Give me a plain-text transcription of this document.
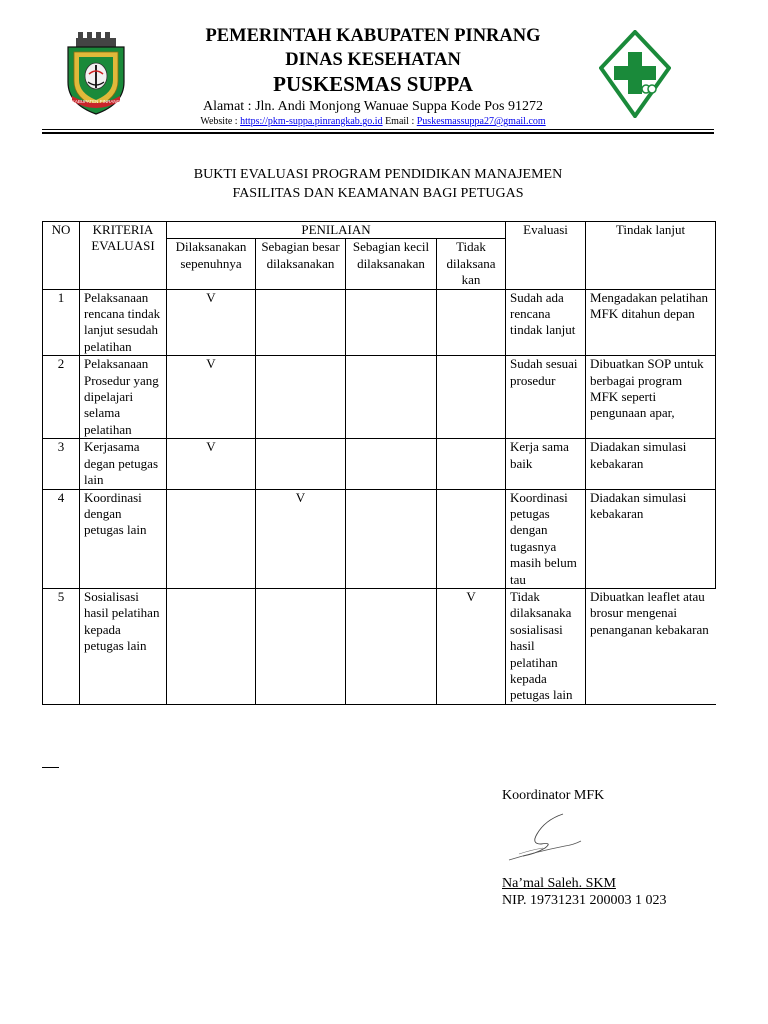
KABUPATEN PINRANG
PEMERINTAH KABUPATEN PINRANG
DINAS KESEHATAN
PUSKESMAS SUPPA
Alamat : Jln. Andi Monjong Wanuae Suppa Kode Pos 91272
Website : https://pkm-suppa.pinrangkab.go.id Email : Puskesmassuppa27@gmail.com
BUKTI EVALUASI PROGRAM PENDIDIKAN MANAJEMEN
FASILITAS DAN KEAMANAN BAGI PETUGAS
NO	KRITERIA EVALUASI	PENILAIAN				Evaluasi	Tindak lanjut
		Dilaksanakan sepenuhnya	Sebagian besar dilaksanakan	Sebagian kecil dilaksanakan	Tidak dilaksana kan		
1	Pelaksanaan rencana tindak lanjut sesudah pelatihan	V				Sudah ada rencana tindak lanjut	Mengadakan pelatihan MFK ditahun depan
2	Pelaksanaan Prosedur yang dipelajari selama pelatihan	V				Sudah sesuai prosedur	Dibuatkan SOP untuk berbagai program MFK seperti pengunaan apar,
3	Kerjasama degan petugas lain	V				Kerja sama baik	Diadakan simulasi kebakaran
4	Koordinasi dengan petugas lain		V			Koordinasi petugas dengan tugasnya masih belum tau	Diadakan simulasi kebakaran
5	Sosialisasi hasil pelatihan kepada petugas lain				V	Tidak dilaksanaka sosialisasi hasil pelatihan kepada petugas lain	Dibuatkan leaflet atau brosur mengenai penanganan kebakaran
Koordinator MFK
Na’mal Saleh. SKM
NIP. 19731231 200003 1 023
